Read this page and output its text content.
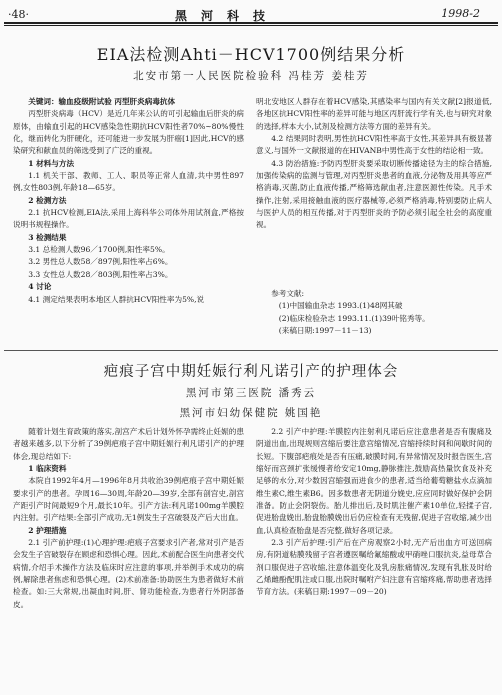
·48·	黑河科技	1998-2
EIA法检测Ahti－HCV1700例结果分析
北安市第一人民医院检验科 冯桂芳 姜桂芳

关键词：输血疫级附试验 丙型肝炎病毒抗体

丙型肝炎病毒（HCV）是近几年来公认的可引起输血后肝炎的病原体，由输血引起的HCV感染急性期抗HCV阳性者70%~80%慢性化，继而转化为肝硬化，还可能进一步发展为肝癌[1]因此,HCV的感染研究和献血员的筛选受到了广泛的重视。

1 材料与方法

1.1 机关干部、教师、工人、职员等正常人血清,共中男性897例,女性803例,年龄18—65岁。

2 检测方法

2.1 抗HCV检测,EIA法,采用上海科华公司体外用试剂盒,严格按说明书规程操作。

3 检测结果

3.1 总检测人数96／1700例,阳性率5%。

3.2 男性总人数58／897例,阳性率占6%。

3.3 女性总人数28／803例,阳性率占3%。

4 讨论

4.1 测定结果表明本地区人群抗HCV阳性率为5%,说

明北安地区人群存在着HCV感染,其感染率与国内有关文献[2]报道低,各地区抗HCV阳性率的差异可能与地区丙肝流行学有关,也与研究对象的选择,样本大小,试剂及检测方法等方面的差异有关。

4.2 结果同时表明,男性抗HCV阳性率高于女性,其差异具有极显著意义,与国外一文献报道的在HIVANB中男性高于女性的结论相一致。

4.3 防治措施:予防丙型肝炎要采取切断传播途径为主的综合措施,加强传染病的监测与管理,对丙型肝炎患者的血液,分泌物及用具等应严格消毒,灭菌,防止血液传播,严格筛选献血者,注意医源性传染。凡手术操作,注射,采用接触血液的医疗器械等,必须严格消毒,特别要防止病人与医护人员的相互传播,对于丙型肝炎的予防必须引起全社会的高度重视。

参考文献:

(1)中国输血杂志 1993.(1)48网其破

(2)临床检验杂志 1993.11.(1)39叶铭秀等。

(来稿日期:1997－11－13)

疤痕子宫中期妊娠行利凡诺引产的护理体会
黑河市第三医院 潘秀云
黑河市妇幼保健院 姚国艳

随着计划生育政策的落实,剖宫产术后计划外怀孕需终止妊娠的患者越来越多,以下分析了39例疤痕子宫中期妊娠行利凡诺引产的护理体会,现总结如下:

1 临床资料

本院自1992年4月—1996年8月共收治39例疤痕子宫中期妊娠要求引产的患者。孕周16—30周,年龄20—39岁,全部有剖宫史,剖宫产距引产时间最短9个月,最长10年。引产方法:利凡诺100mg羊膜腔内注射。引产结果:全部引产成功,无1例发生子宫破裂及产后大出血。

2 护理措施

2.1 引产前护理:(1)心理护理:疤痕子宫要求引产者,常对引产是否会发生子宫破裂存在顾虑和恐惧心理。因此,术前配合医生向患者交代病情,介绍手术操作方法及临床时应注意的事项,并举例手术成功的病例,解除患者焦虑和恐惧心理。(2)术前准备:协助医生为患者做好术前检查。如:三大常规,出凝血时间,肝、肾功能检查,为患者行外阴部备皮。

2.2 引产中护理:羊膜腔内注射利凡诺后应注意患者是否有腹痛及阴道出血,出现规则宫缩后要注意宫缩情况,宫缩持续时间和间歇时间的长短。下腹部疤痕处是否有压痛,破膜时间,有异常情况及时报告医生,宫缩好而宫颈扩张缓慢者给安定10mg,静脉推注,鼓励高热量饮食及补充足够的水分,对少数因宫缩强而进食少的患者,适当给葡萄糖盐水点滴加维生素C,维生素B6。因多数患者无阴道分娩史,应应同时做好保护会阴准备。防止会阴裂伤。胎儿排出后,及时肌注催产素10单位,轻揉子宫,促进胎盘娩出,胎盘胎膜娩出后仍应检查有无残留,促进子宫收缩,减少出血,认真检查胎盘是否完整,做好各项记录。

2.3 引产后护理:引产后在产房观察2小时,无产后出血方可送回病房,有阴道粘膜残留子宫者遵医嘱给氟缩酸或甲硝唑口服抗炎,益母草合剂口服促进子宫收缩,注意体温变化及乳房胀痛情况,发现有乳胀及时给乙烯雌酚配肌注或口服,出院时嘱咐产妇注意有宫缩疼痛,帮助患者选择节育方法。(来稿日期:1997－09－20)
